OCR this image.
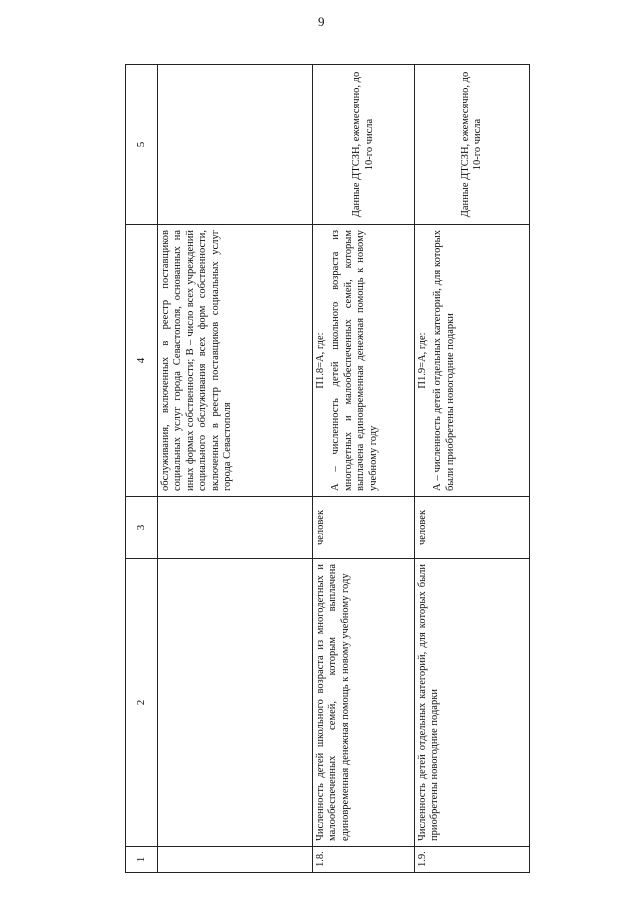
9
1	2	3	4	5
			обслуживания, включенных в реестр поставщиков социальных услуг города Севастополя, основанных на иных формах собственности; В – число всех учреждений социального обслуживания всех форм собственности, включенных в реестр поставщиков социальных услуг города Севастополя	
1.8.	Численность детей школьного возраста из многодетных и малообеспеченных семей, которым выплачена единовременная денежная помощь к новому учебному году	человек	П1.8=А, где: А – численность детей школьного возраста из многодетных и малообеспеченных семей, которым выплачена единовременная денежная помощь к новому учебному году	Данные ДТСЗН, ежемесячно, до 10-го числа
1.9.	Численность детей отдельных категорий, для которых были приобретены новогодние подарки	человек	П1.9=А, где: А – численность детей отдельных категорий, для которых были приобретены новогодние подарки	Данные ДТСЗН, ежемесячно, до 10-го числа
